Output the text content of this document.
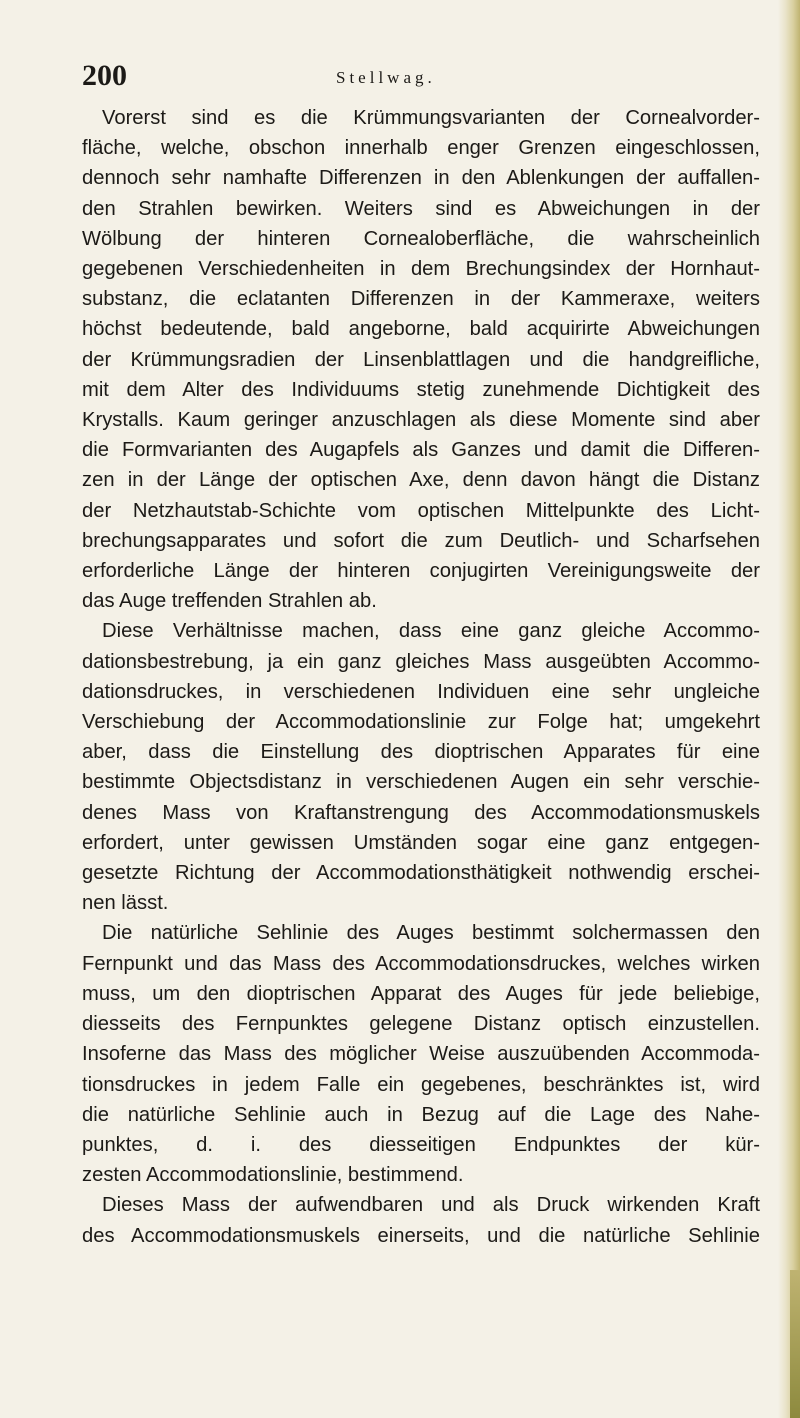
200	Stellwag.

Vorerst sind es die Krümmungsvarianten der Cornealvorder-
fläche, welche, obschon innerhalb enger Grenzen eingeschlossen,
dennoch sehr namhafte Differenzen in den Ablenkungen der auffallen-
den Strahlen bewirken. Weiters sind es Abweichungen in der
Wölbung der hinteren Cornealoberfläche, die wahrscheinlich
gegebenen Verschiedenheiten in dem Brechungsindex der Hornhaut-
substanz, die eclatanten Differenzen in der Kammeraxe, weiters
höchst bedeutende, bald angeborne, bald acquirirte Abweichungen
der Krümmungsradien der Linsenblattlagen und die handgreifliche,
mit dem Alter des Individuums stetig zunehmende Dichtigkeit des
Krystalls. Kaum geringer anzuschlagen als diese Momente sind aber
die Formvarianten des Augapfels als Ganzes und damit die Differen-
zen in der Länge der optischen Axe, denn davon hängt die Distanz
der Netzhautstab-Schichte vom optischen Mittelpunkte des Licht-
brechungsapparates und sofort die zum Deutlich- und Scharfsehen
erforderliche Länge der hinteren conjugirten Vereinigungsweite der
das Auge treffenden Strahlen ab.

Diese Verhältnisse machen, dass eine ganz gleiche Accommo-
dationsbestrebung, ja ein ganz gleiches Mass ausgeübten Accommo-
dationsdruckes, in verschiedenen Individuen eine sehr ungleiche
Verschiebung der Accommodationslinie zur Folge hat; umgekehrt
aber, dass die Einstellung des dioptrischen Apparates für eine
bestimmte Objectsdistanz in verschiedenen Augen ein sehr verschie-
denes Mass von Kraftanstrengung des Accommodationsmuskels
erfordert, unter gewissen Umständen sogar eine ganz entgegen-
gesetzte Richtung der Accommodationsthätigkeit nothwendig erschei-
nen lässt.

Die natürliche Sehlinie des Auges bestimmt solchermassen den
Fernpunkt und das Mass des Accommodationsdruckes, welches wirken
muss, um den dioptrischen Apparat des Auges für jede beliebige,
diesseits des Fernpunktes gelegene Distanz optisch einzustellen.
Insoferne das Mass des möglicher Weise auszuübenden Accommoda-
tionsdruckes in jedem Falle ein gegebenes, beschränktes ist, wird
die natürliche Sehlinie auch in Bezug auf die Lage des Nahe-
punktes, d. i. des diesseitigen Endpunktes der kür-
zesten Accommodationslinie, bestimmend.

Dieses Mass der aufwendbaren und als Druck wirkenden Kraft
des Accommodationsmuskels einerseits, und die natürliche Sehlinie
